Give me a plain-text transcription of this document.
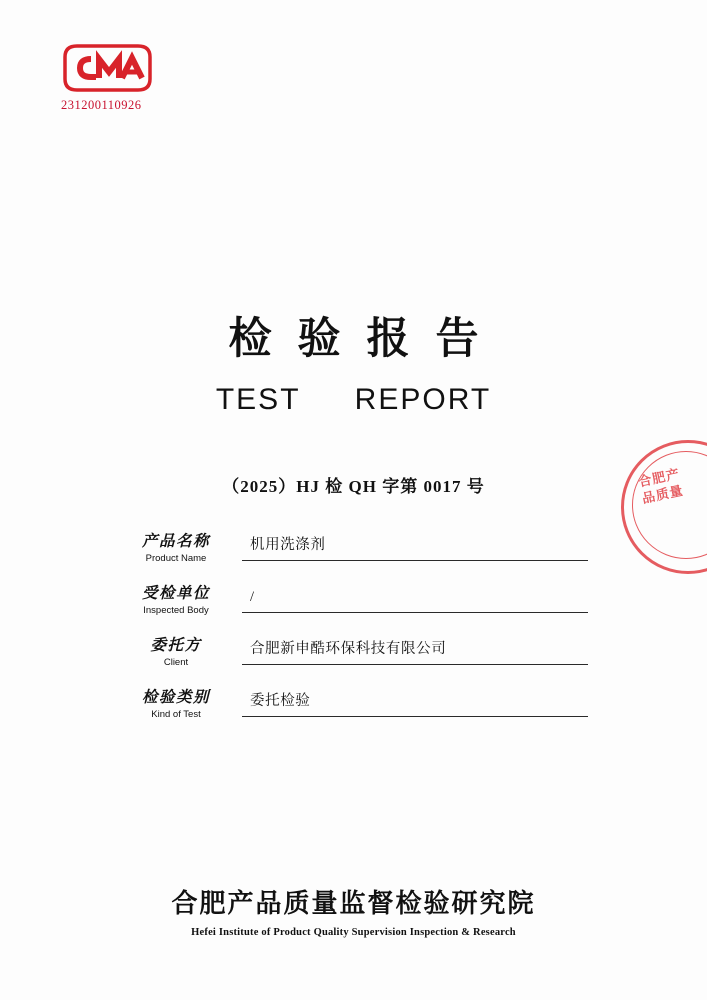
231200110926
合肥产品质量
检验报告
TEST REPORT
（2025）HJ 检 QH 字第 0017 号
产品名称
Product Name
机用洗涤剂
受检单位
Inspected Body
/
委托方
Client
合肥新申酷环保科技有限公司
检验类别
Kind of Test
委托检验
合肥产品质量监督检验研究院
Hefei Institute of Product Quality Supervision Inspection & Research
